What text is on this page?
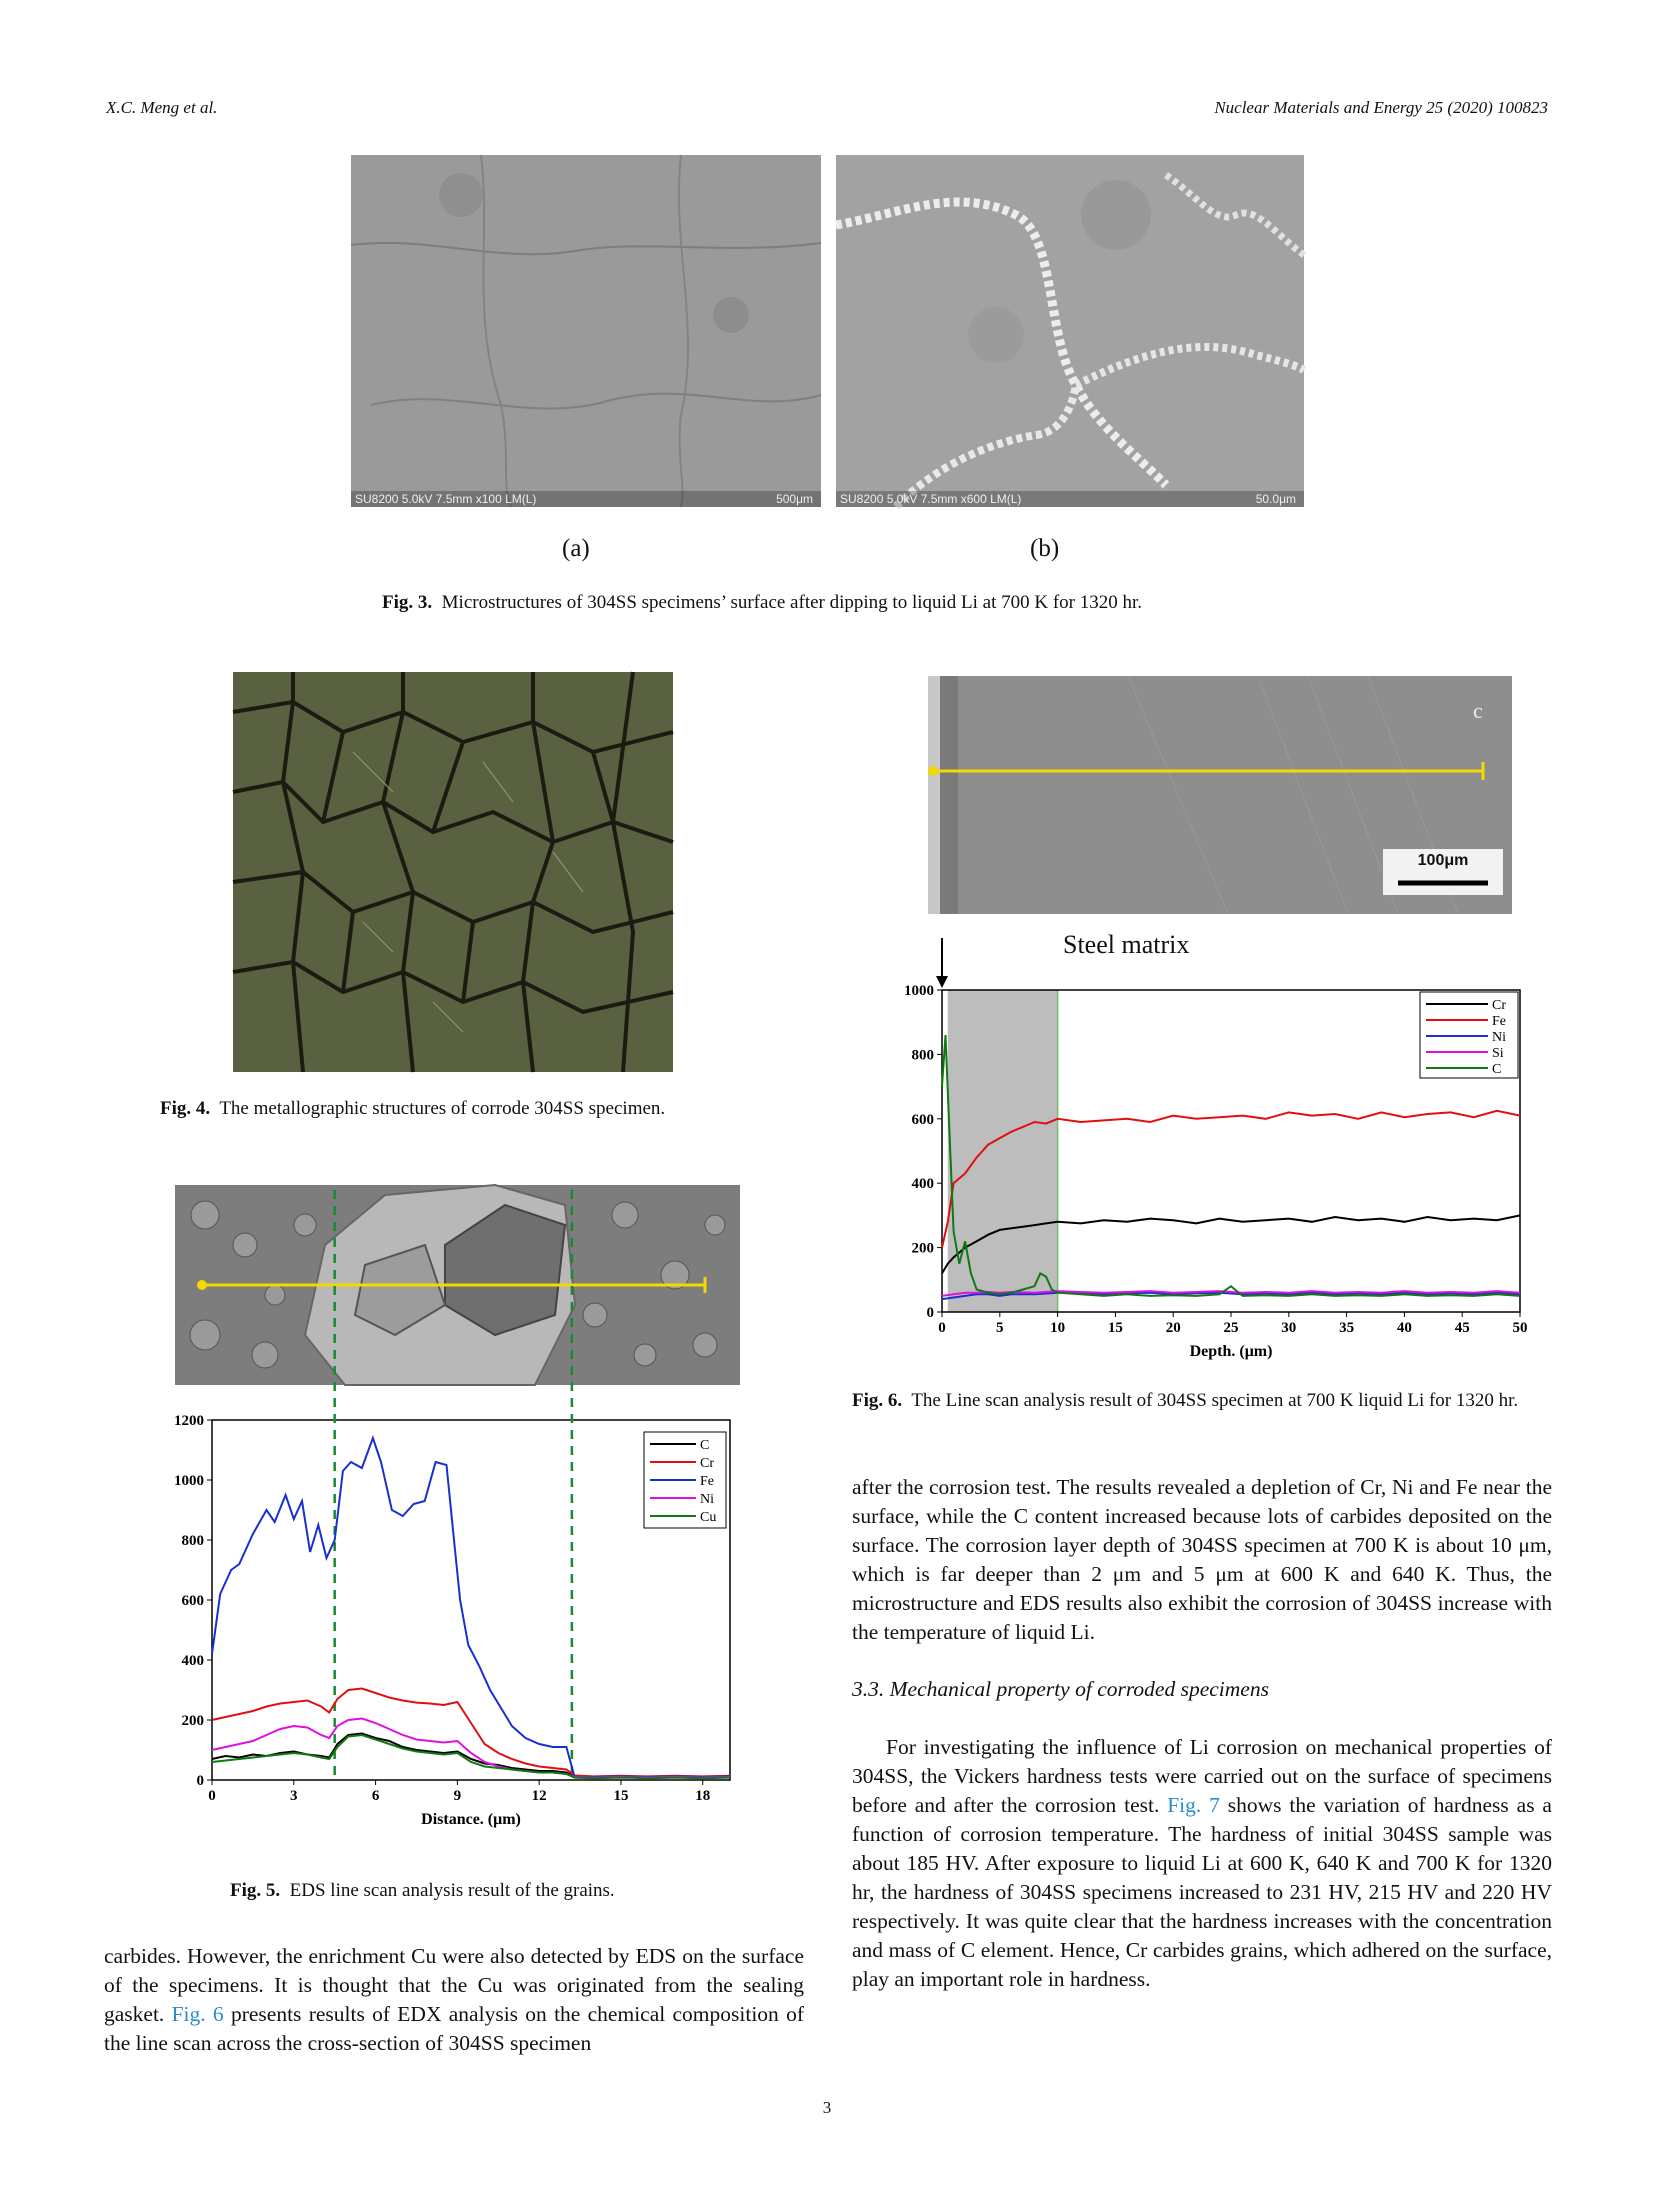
X.C. Meng et al.	Nuclear Materials and Energy 25 (2020) 100823
SU8200 5.0kV 7.5mm x100 LM(L)	500μm	SU8200 5.0kV 7.5mm x600 LM(L)	50.0μm
(a)	(b)
Fig. 3. Microstructures of 304SS specimens’ surface after dipping to liquid Li at 700 K for 1320 hr.
Fig. 4. The metallographic structures of corrode 304SS specimen.
0
200
400
600
800
1000
1200
0	3	6	9	12	15	18
Distance. (μm)
C
Cr
Fe
Ni
Cu
Fig. 5. EDS line scan analysis result of the grains.
c
100μm
Steel matrix
0
200
400
600
800
1000
0	5	10	15	20	25	30	35	40	45	50
Depth. (μm)
Cr
Fe
Ni
Si
C
Fig. 6. The Line scan analysis result of 304SS specimen at 700 K liquid Li for 1320 hr.

carbides. However, the enrichment Cu were also detected by EDS on the surface of the specimens. It is thought that the Cu was originated from the sealing gasket. Fig. 6 presents results of EDX analysis on the chemical composition of the line scan across the cross-section of 304SS specimen

after the corrosion test. The results revealed a depletion of Cr, Ni and Fe near the surface, while the C content increased because lots of carbides deposited on the surface. The corrosion layer depth of 304SS specimen at 700 K is about 10 μm, which is far deeper than 2 μm and 5 μm at 600 K and 640 K. Thus, the microstructure and EDS results also exhibit the corrosion of 304SS increase with the temperature of liquid Li.

3.3. Mechanical property of corroded specimens

For investigating the influence of Li corrosion on mechanical properties of 304SS, the Vickers hardness tests were carried out on the surface of specimens before and after the corrosion test. Fig. 7 shows the variation of hardness as a function of corrosion temperature. The hardness of initial 304SS sample was about 185 HV. After exposure to liquid Li at 600 K, 640 K and 700 K for 1320 hr, the hardness of 304SS specimens increased to 231 HV, 215 HV and 220 HV respectively. It was quite clear that the hardness increases with the concentration and mass of C element. Hence, Cr carbides grains, which adhered on the surface, play an important role in hardness.

3
